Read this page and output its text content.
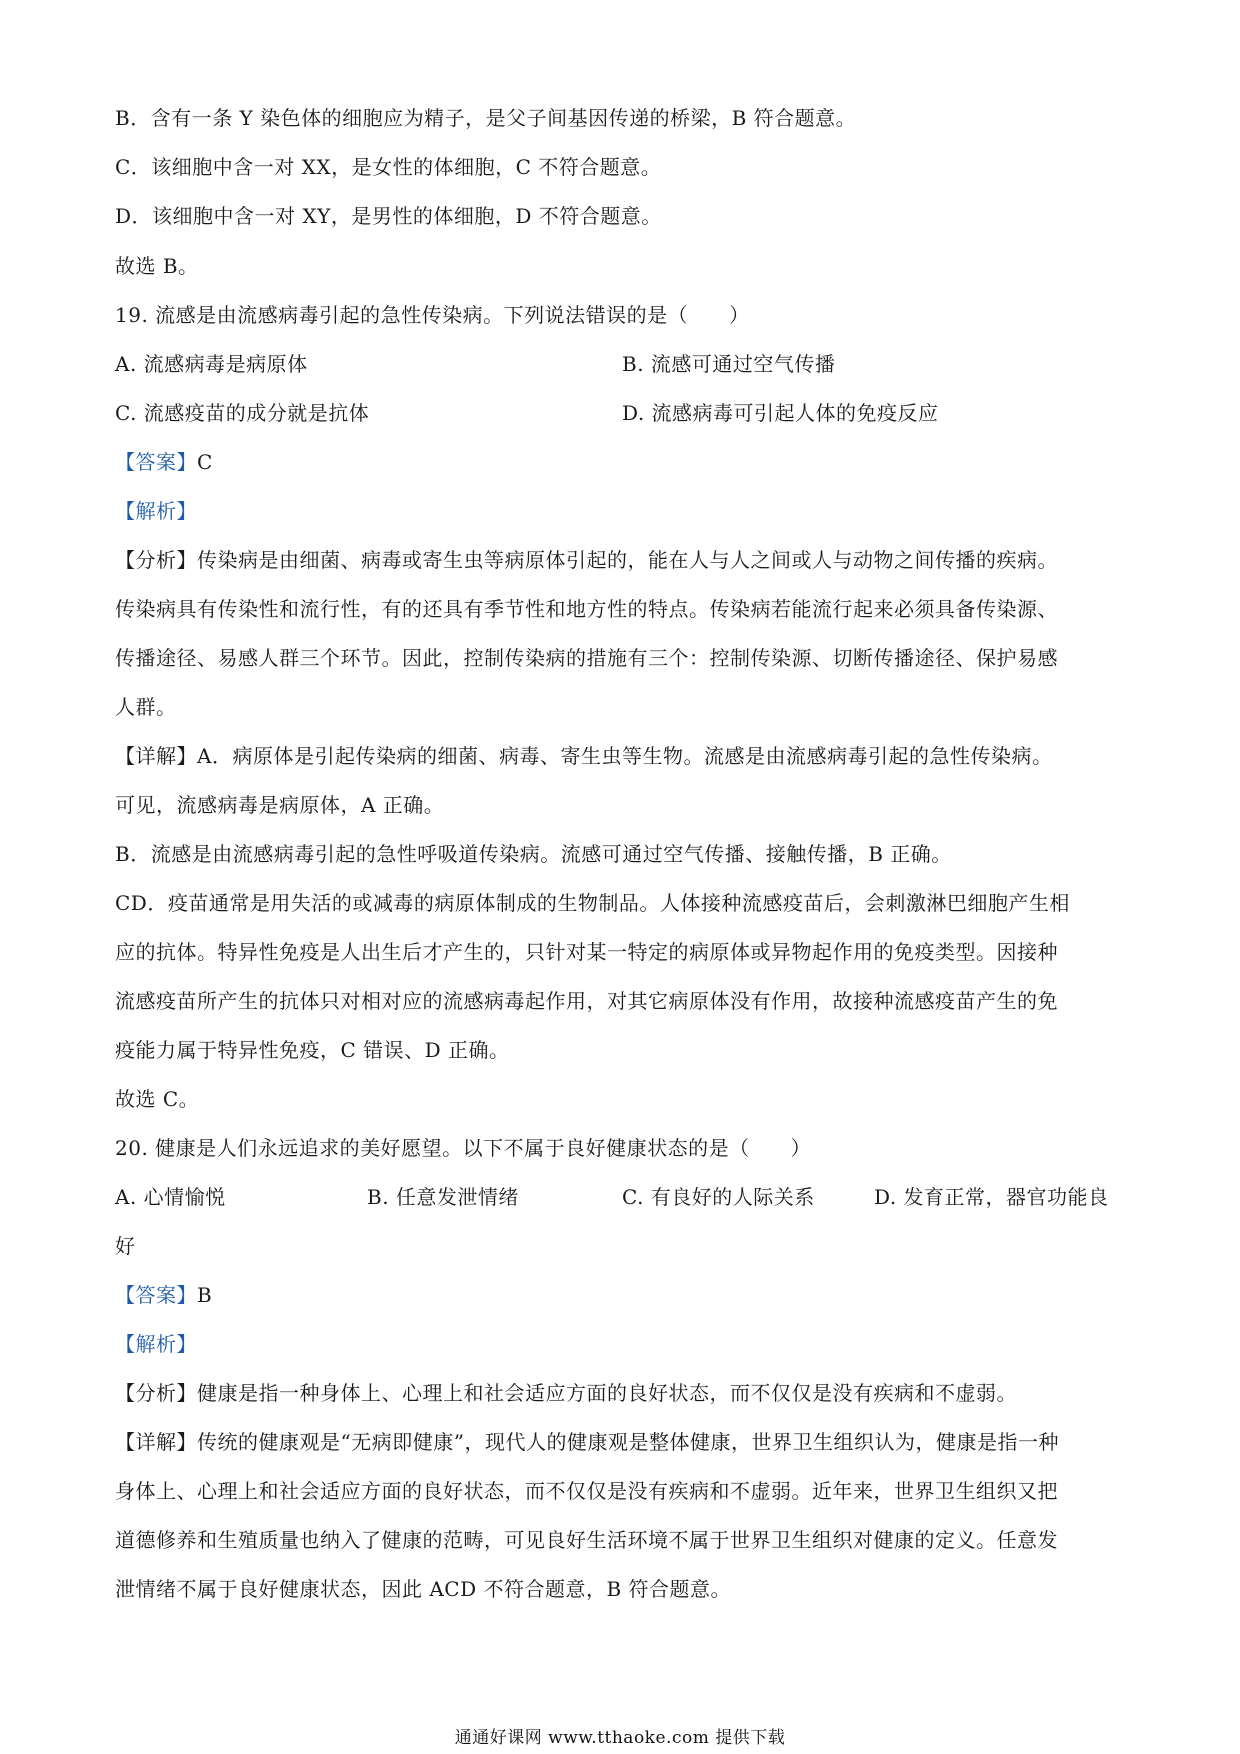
B．含有一条 Y 染色体的细胞应为精子，是父子间基因传递的桥梁，B 符合题意。
C．该细胞中含一对 XX，是女性的体细胞，C 不符合题意。
D．该细胞中含一对 XY，是男性的体细胞，D 不符合题意。
故选 B。
19. 流感是由流感病毒引起的急性传染病。下列说法错误的是（　　）
A. 流感病毒是病原体	B. 流感可通过空气传播
C. 流感疫苗的成分就是抗体	D. 流感病毒可引起人体的免疫反应
【答案】C
【解析】
【分析】传染病是由细菌、病毒或寄生虫等病原体引起的，能在人与人之间或人与动物之间传播的疾病。
传染病具有传染性和流行性，有的还具有季节性和地方性的特点。传染病若能流行起来必须具备传染源、
传播途径、易感人群三个环节。因此，控制传染病的措施有三个：控制传染源、切断传播途径、保护易感
人群。
【详解】A．病原体是引起传染病的细菌、病毒、寄生虫等生物。流感是由流感病毒引起的急性传染病。
可见，流感病毒是病原体，A 正确。
B．流感是由流感病毒引起的急性呼吸道传染病。流感可通过空气传播、接触传播，B 正确。
CD．疫苗通常是用失活的或减毒的病原体制成的生物制品。人体接种流感疫苗后，会刺激淋巴细胞产生相
应的抗体。特异性免疫是人出生后才产生的，只针对某一特定的病原体或异物起作用的免疫类型。因接种
流感疫苗所产生的抗体只对相对应的流感病毒起作用，对其它病原体没有作用，故接种流感疫苗产生的免
疫能力属于特异性免疫，C 错误、D 正确。
故选 C。
20. 健康是人们永远追求的美好愿望。以下不属于良好健康状态的是（　　）
A. 心情愉悦	B. 任意发泄情绪	C. 有良好的人际关系	D. 发育正常，器官功能良
好
【答案】B
【解析】
【分析】健康是指一种身体上、心理上和社会适应方面的良好状态，而不仅仅是没有疾病和不虚弱。
【详解】传统的健康观是“无病即健康”，现代人的健康观是整体健康，世界卫生组织认为，健康是指一种
身体上、心理上和社会适应方面的良好状态，而不仅仅是没有疾病和不虚弱。近年来，世界卫生组织又把
道德修养和生殖质量也纳入了健康的范畴，可见良好生活环境不属于世界卫生组织对健康的定义。任意发
泄情绪不属于良好健康状态，因此 ACD 不符合题意，B 符合题意。
通通好课网 www.tthaoke.com 提供下载
